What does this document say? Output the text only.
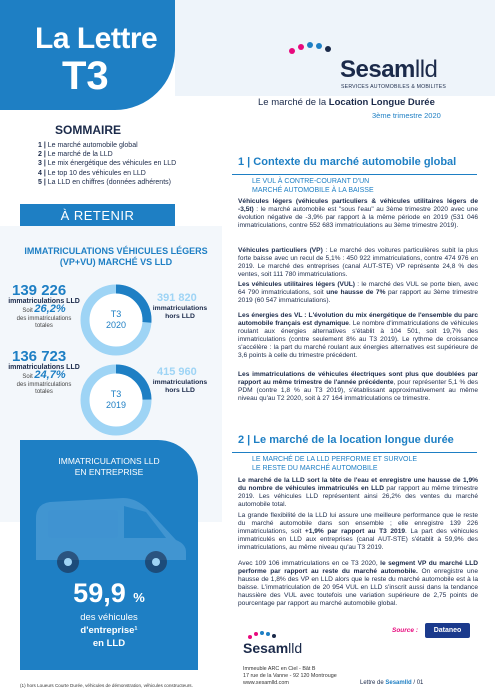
La Lettre
T3	Sesamlld
SERVICES AUTOMOBILES & MOBILITES
Le marché de la Location Longue Durée
3ème trimestre 2020
SOMMAIRE
1 | Le marché automobile global
2 | Le marché de la LLD
3 | Le mix énergétique des véhicules en LLD
4 | Le top 10 des véhicules en LLD
5 | La LLD en chiffres (données adhérents)
À RETENIR
IMMATRICULATIONS VÉHICULES LÉGERS
(VP+VU) MARCHÉ VS LLD
T3
2020
139 226
immatriculations LLD
Soit 26,2%
des immatriculations
totales
391 820
immatriculations
hors LLD
T3
2019
136 723
immatriculations LLD
Soit 24,7%
des immatriculations
totales
415 960
immatriculations
hors LLD
IMMATRICULATIONS LLD
EN ENTREPRISE
59,9 %
des véhicules
d'entreprise¹
en LLD
(1) hors Loueurs Courte Durée, véhicules de démonstration, véhicules constructeurs.
1 | Contexte du marché automobile global
LE VUL À CONTRE-COURANT D'UN
MARCHÉ AUTOMOBILE À LA BAISSE
Véhicules légers (véhicules particuliers & véhicules utilitaires légers de -3,5t) : le marché automobile est "sous l'eau" au 3ème trimestre 2020 avec une évolution négative de -3,9% par rapport à la même période en 2019 (531 046 immatriculations, contre 552 683 immatriculations au 3ème trimestre 2019).
Véhicules particuliers (VP) : Le marché des voitures particulières subit la plus forte baisse avec un recul de 5,1% : 450 922 immatriculations, contre 474 976 en 2019. Le marché des entreprises (canal AUT-STE) VP représente 24,8 % des ventes, soit 111 780 immatriculations.
Les véhicules utilitaires légers (VUL) : le marché des VUL se porte bien, avec 64 790 immatriculations, soit une hausse de 7% par rapport au 3ème trimestre 2019 (60 547 immatriculations).
Les énergies des VL : L'évolution du mix énergétique de l'ensemble du parc automobile français est dynamique. Le nombre d'immatriculations de véhicules roulant aux énergies alternatives s'établit à 104 501, soit 19,7% des immatriculations (contre seulement 8% au T3 2019). Le rythme de croissance s'accélère : la part du marché roulant aux énergies alternatives est supérieure de 3,6 points à celle du trimestre précédent.
Les immatriculations de véhicules électriques sont plus que doublées par rapport au même trimestre de l'année précédente, pour représenter 5,1 % des PDM (contre 1,8 % au T3 2019), s'établissant approximativement au même niveau qu'au T2 2020, soit à 27 164 immatriculations ce trimestre.
2 | Le marché de la location longue durée
LE MARCHÉ DE LA LLD PERFORME ET SURVOLE
LE RESTE DU MARCHÉ AUTOMOBILE
Le marché de la LLD sort la tête de l'eau et enregistre une hausse de 1,9% du nombre de véhicules immatriculés en LLD par rapport au même trimestre 2019. Les véhicules LLD représentent ainsi 26,2% des ventes du marché automobile total.
La grande flexibilité de la LLD lui assure une meilleure performance que le reste du marché automobile dans son ensemble ; elle enregistre 139 226 immatriculations, soit +1,9% par rapport au T3 2019. La part des véhicules immatriculés en LLD aux entreprises (canal AUT-STE) s'établit à 59,9% des immatriculations, au même niveau qu'au T3 2019.
Avec 109 106 immatriculations en ce T3 2020, le segment VP du marché LLD performe par rapport au reste du marché automobile. On enregistre une hausse de 1,8% des VP en LLD alors que le reste du marché automobile est à la baisse. L'immatriculation de 20 954 VUL en LLD s'inscrit aussi dans la tendance haussière des VUL avec toutefois une variation supérieure de 2,75 points de pourcentage par rapport au marché automobile global.
Sesamlld
Immeuble ARC en Ciel - Bât B
17 rue de la Vanne - 92 120 Montrouge
www.sesamlld.com
Source :	Dataneo
Lettre de Sesamlld / 01
